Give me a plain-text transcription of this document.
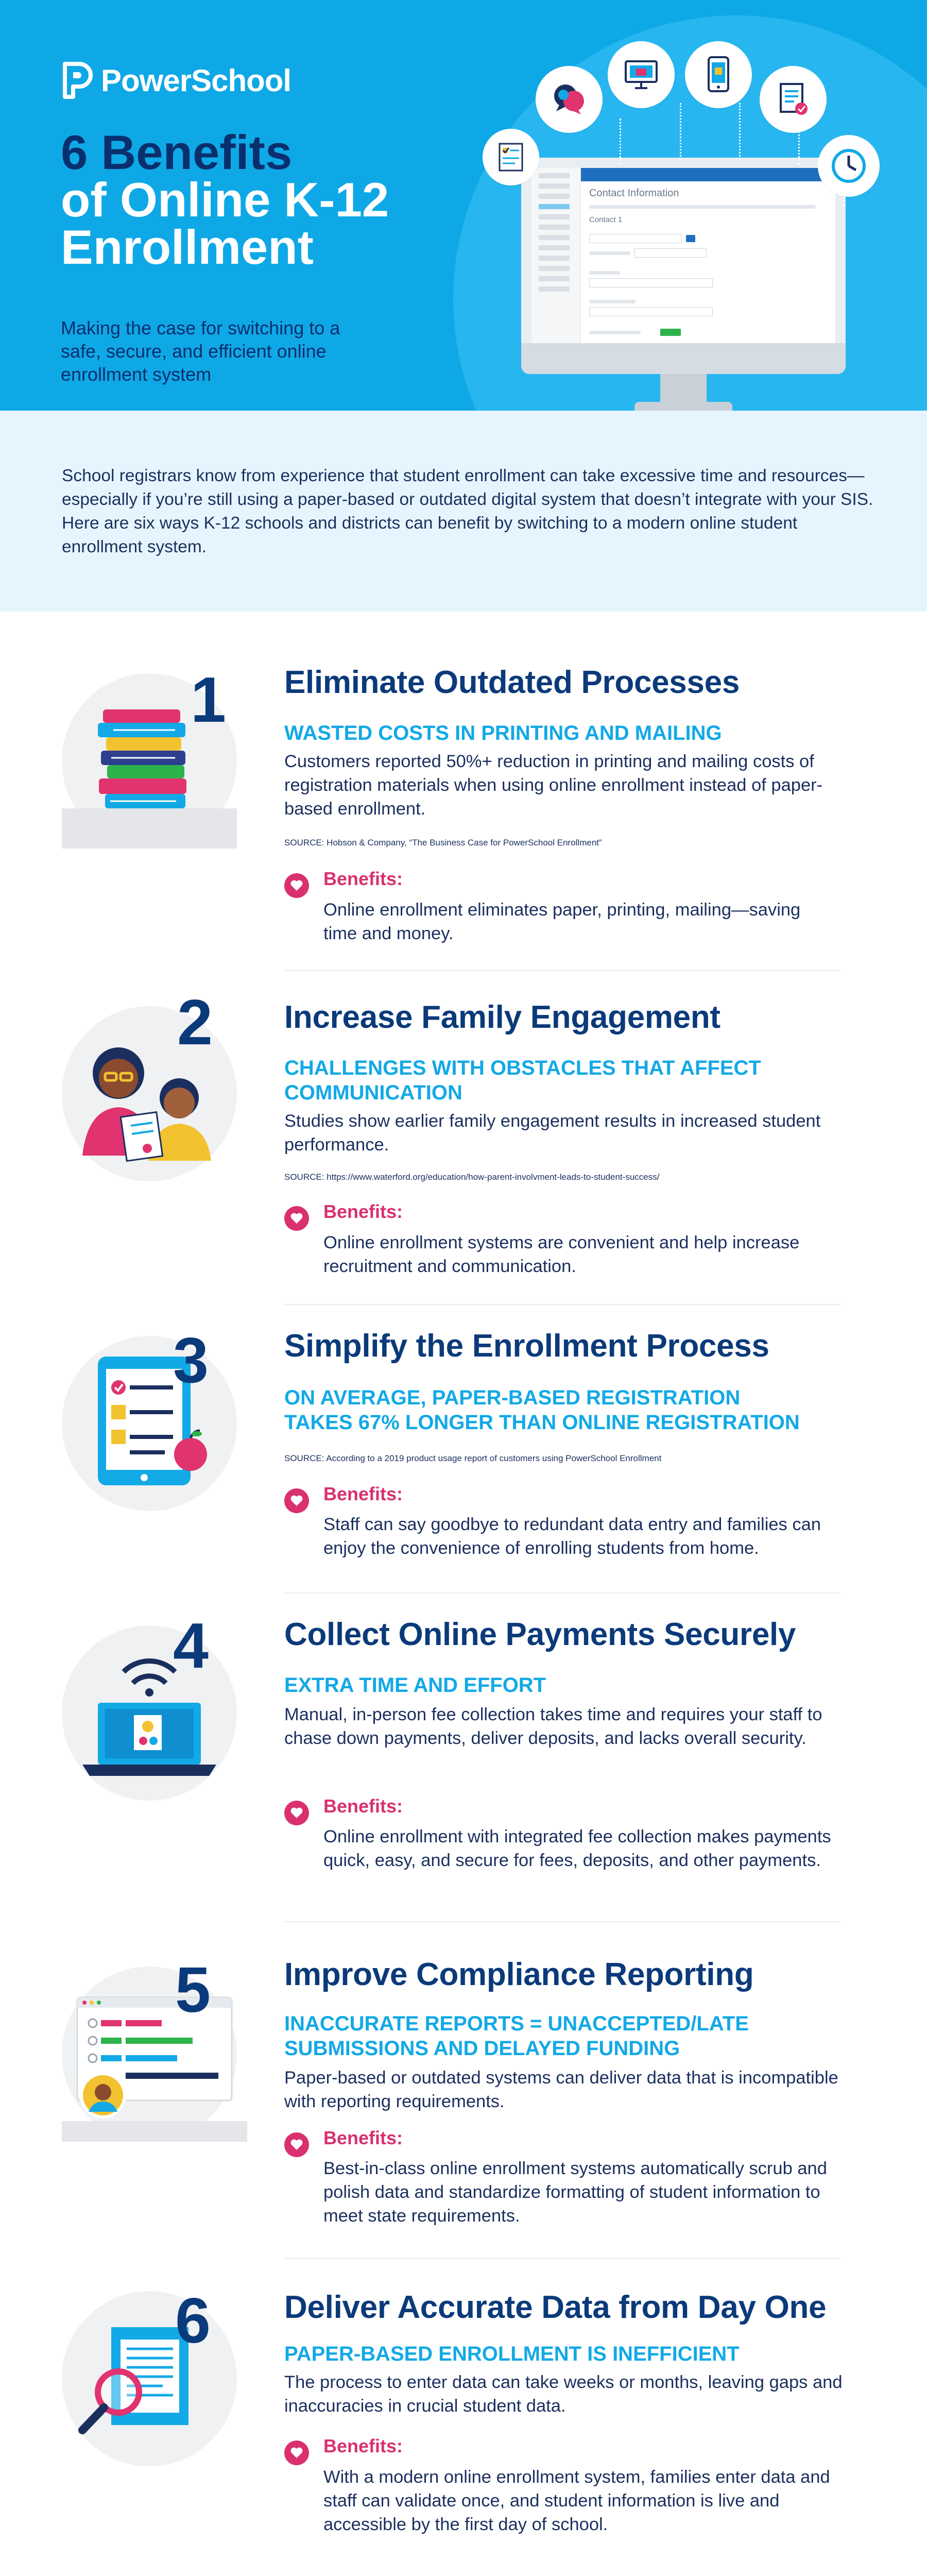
PowerSchool
6 Benefits
of Online K-12
Enrollment

Making the case for switching to a safe, secure, and efficient online enrollment system

Contact Information
Contact 1

School registrars know from experience that student enrollment can take excessive time and resources—especially if you’re still using a paper-based or outdated digital system that doesn’t integrate with your SIS. Here are six ways K-12 schools and districts can benefit by switching to a modern online student enrollment system.

1 Eliminate Outdated Processes
WASTED COSTS IN PRINTING AND MAILING
Customers reported 50%+ reduction in printing and mailing costs of registration materials when using online enrollment instead of paper-based enrollment.
SOURCE: Hobson & Company, “The Business Case for PowerSchool Enrollment”
Benefits:
Online enrollment eliminates paper, printing, mailing—saving time and money.
2 Increase Family Engagement
CHALLENGES WITH OBSTACLES THAT AFFECT COMMUNICATION
Studies show earlier family engagement results in increased student performance.
SOURCE: https://www.waterford.org/education/how-parent-involvment-leads-to-student-success/
Benefits:
Online enrollment systems are convenient and help increase recruitment and communication.
3 Simplify the Enrollment Process
ON AVERAGE, PAPER-BASED REGISTRATION TAKES 67% LONGER THAN ONLINE REGISTRATION
SOURCE: According to a 2019 product usage report of customers using PowerSchool Enrollment
Benefits:
Staff can say goodbye to redundant data entry and families can enjoy the convenience of enrolling students from home.
4 Collect Online Payments Securely
EXTRA TIME AND EFFORT
Manual, in-person fee collection takes time and requires your staff to chase down payments, deliver deposits, and lacks overall security.
Benefits:
Online enrollment with integrated fee collection makes payments quick, easy, and secure for fees, deposits, and other payments.
5 Improve Compliance Reporting
INACCURATE REPORTS = UNACCEPTED/LATE SUBMISSIONS AND DELAYED FUNDING
Paper-based or outdated systems can deliver data that is incompatible with reporting requirements.
Benefits:
Best-in-class online enrollment systems automatically scrub and polish data and standardize formatting of student information to meet state requirements.
6 Deliver Accurate Data from Day One
PAPER-BASED ENROLLMENT IS INEFFICIENT
The process to enter data can take weeks or months, leaving gaps and inaccuracies in crucial student data.
Benefits:
With a modern online enrollment system, families enter data and staff can validate once, and student information is live and accessible by the first day of school.
